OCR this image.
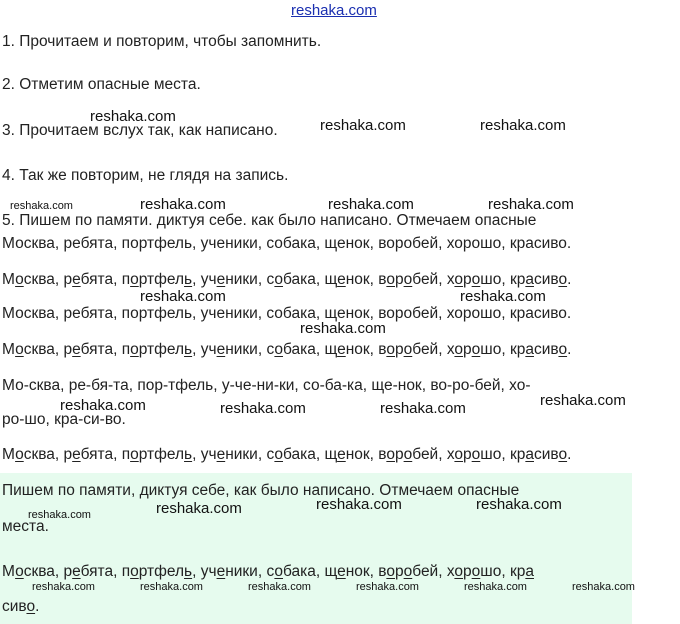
reshaka.com
1. Прочитаем и повторим, чтобы запомнить.
2. Отметим опасные места.
3. Прочитаем вслух так, как написано.
4. Так же повторим, не глядя на запись.
5. Пишем по памяти. диктуя себе. как было написано. Отмечаем опасные
Москва, ребята, портфель, ученики, собака, щенок, воробей, хорошо, красиво.
Москва, ребята, портфель, ученики, собака, щенок, воробей, хорошо, красиво.
Москва, ребята, портфель, ученики, собака, щенок, воробей, хорошо, красиво.
Москва, ребята, портфель, ученики, собака, щенок, воробей, хорошо, красиво.
Мо-сква, ре-бя-та, пор-тфель, у-че-ни-ки, со-ба-ка, ще-нок, во-ро-бей, хо-
ро-шо, кра-си-во.
Москва, ребята, портфель, ученики, собака, щенок, воробей, хорошо, красиво.
Пишем по памяти, диктуя себе, как было написано. Отмечаем опасные
места.
Москва, ребята, портфель, ученики, собака, щенок, воробей, хорошо, кра
сиво.
reshaka.com
reshaka.com	reshaka.com
reshaka.com	reshaka.com	reshaka.com	reshaka.com
reshaka.com	reshaka.com
reshaka.com
reshaka.com	reshaka.com	reshaka.com	reshaka.com
reshaka.com	reshaka.com	reshaka.com	reshaka.com
reshaka.com	reshaka.com	reshaka.com	reshaka.com	reshaka.com	reshaka.com
